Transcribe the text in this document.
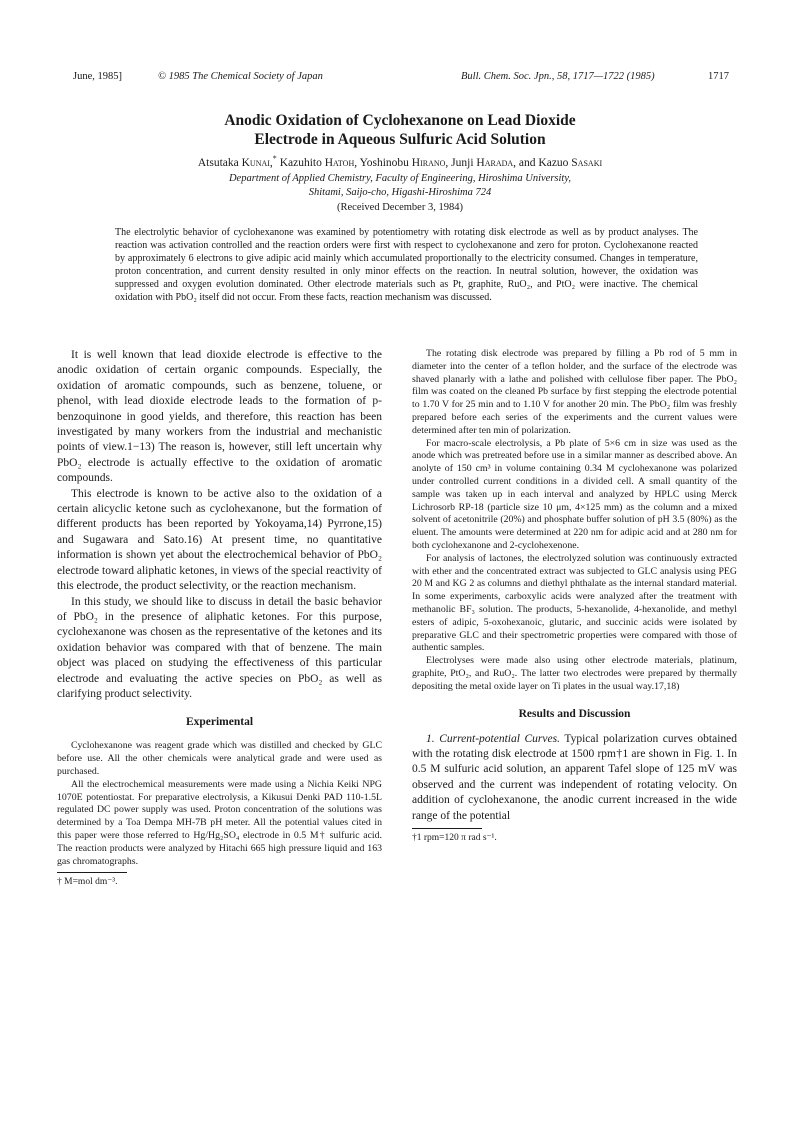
June, 1985]	© 1985 The Chemical Society of Japan	Bull. Chem. Soc. Jpn., 58, 1717—1722 (1985)	1717
Anodic Oxidation of Cyclohexanone on Lead Dioxide
Electrode in Aqueous Sulfuric Acid Solution
Atsutaka Kunai,* Kazuhito Hatoh, Yoshinobu Hirano, Junji Harada, and Kazuo Sasaki
Department of Applied Chemistry, Faculty of Engineering, Hiroshima University,
Shitami, Saijo-cho, Higashi-Hiroshima 724
(Received December 3, 1984)

The electrolytic behavior of cyclohexanone was examined by potentiometry with rotating disk electrode as well as by product analyses. The reaction was activation controlled and the reaction orders were first with respect to cyclohexanone and zero for proton. Cyclohexanone reacted by approximately 6 electrons to give adipic acid mainly which accumulated proportionally to the electricity consumed. Changes in temperature, proton concentration, and current density resulted in only minor effects on the reaction. In neutral solution, however, the oxidation was suppressed and oxygen evolution dominated. Other electrode materials such as Pt, graphite, RuO₂, and PtO₂ were inactive. The chemical oxidation with PbO₂ itself did not occur. From these facts, reaction mechanism was discussed.

It is well known that lead dioxide electrode is effective to the anodic oxidation of certain organic compounds. Especially, the oxidation of aromatic compounds, such as benzene, toluene, or phenol, with lead dioxide electrode leads to the formation of p-benzoquinone in good yields, and therefore, this reaction has been investigated by many workers from the industrial and mechanistic points of view.1−13) The reason is, however, still left uncertain why PbO₂ electrode is actually effective to the oxidation of aromatic compounds.

This electrode is known to be active also to the oxidation of a certain alicyclic ketone such as cyclohexanone, but the formation of different products has been reported by Yokoyama,14) Pyrrone,15) and Sugawara and Sato.16) At present time, no quantitative information is shown yet about the electrochemical behavior of PbO₂ electrode toward aliphatic ketones, in views of the special reactivity of this electrode, the product selectivity, or the reaction mechanism.

In this study, we should like to discuss in detail the basic behavior of PbO₂ in the presence of aliphatic ketones. For this purpose, cyclohexanone was chosen as the representative of the ketones and its oxidation behavior was compared with that of benzene. The main object was placed on studying the effectiveness of this particular electrode and evaluating the active species on PbO₂ as well as clarifying product selectivity.

Experimental

Cyclohexanone was reagent grade which was distilled and checked by GLC before use. All the other chemicals were analytical grade and were used as purchased.

All the electrochemical measurements were made using a Nichia Keiki NPG 1070E potentiostat. For preparative electrolysis, a Kikusui Denki PAD 110-1.5L regulated DC power supply was used. Proton concentration of the solutions was determined by a Toa Dempa MH-7B pH meter. All the potential values cited in this paper were those referred to Hg/Hg₂SO₄ electrode in 0.5 M† sulfuric acid. The reaction products were analyzed by Hitachi 665 high pressure liquid and 163 gas chromatographs.

† M=mol dm⁻³.

The rotating disk electrode was prepared by filling a Pb rod of 5 mm in diameter into the center of a teflon holder, and the surface of the electrode was shaved planarly with a lathe and polished with cellulose fiber paper. The PbO₂ film was coated on the cleaned Pb surface by first stepping the electrode potential to 1.70 V for 25 min and to 1.10 V for another 20 min. The PbO₂ film was freshly prepared before each series of the experiments and the current values were determined after ten min of polarization.

For macro-scale electrolysis, a Pb plate of 5×6 cm in size was used as the anode which was pretreated before use in a similar manner as described above. An anolyte of 150 cm³ in volume containing 0.34 M cyclohexanone was polarized under controlled current conditions in a divided cell. A small quantity of the sample was taken up in each interval and analyzed by HPLC using Merck Lichrosorb RP-18 (particle size 10 μm, 4×125 mm) as the column and a mixed solvent of acetonitrile (20%) and phosphate buffer solution of pH 3.5 (80%) as the eluent. The amounts were determined at 220 nm for adipic acid and at 280 nm for both cyclohexanone and 2-cyclohexenone.

For analysis of lactones, the electrolyzed solution was continuously extracted with ether and the concentrated extract was subjected to GLC analysis using PEG 20 M and KG 2 as columns and diethyl phthalate as the internal standard material. In some experiments, carboxylic acids were analyzed after the treatment with methanolic BF₃ solution. The products, 5-hexanolide, 4-hexanolide, and methyl esters of adipic, 5-oxohexanoic, glutaric, and succinic acids were isolated by preparative GLC and their spectrometric properties were compared with those of authentic samples.

Electrolyses were made also using other electrode materials, platinum, graphite, PtO₂, and RuO₂. The latter two electrodes were prepared by thermally depositing the metal oxide layer on Ti plates in the usual way.17,18)

Results and Discussion

1. Current-potential Curves. Typical polarization curves obtained with the rotating disk electrode at 1500 rpm†1 are shown in Fig. 1. In 0.5 M sulfuric acid solution, an apparent Tafel slope of 125 mV was observed and the current was independent of rotating velocity. On addition of cyclohexanone, the anodic current increased in the wide range of the potential

†1 rpm=120 π rad s⁻¹.
